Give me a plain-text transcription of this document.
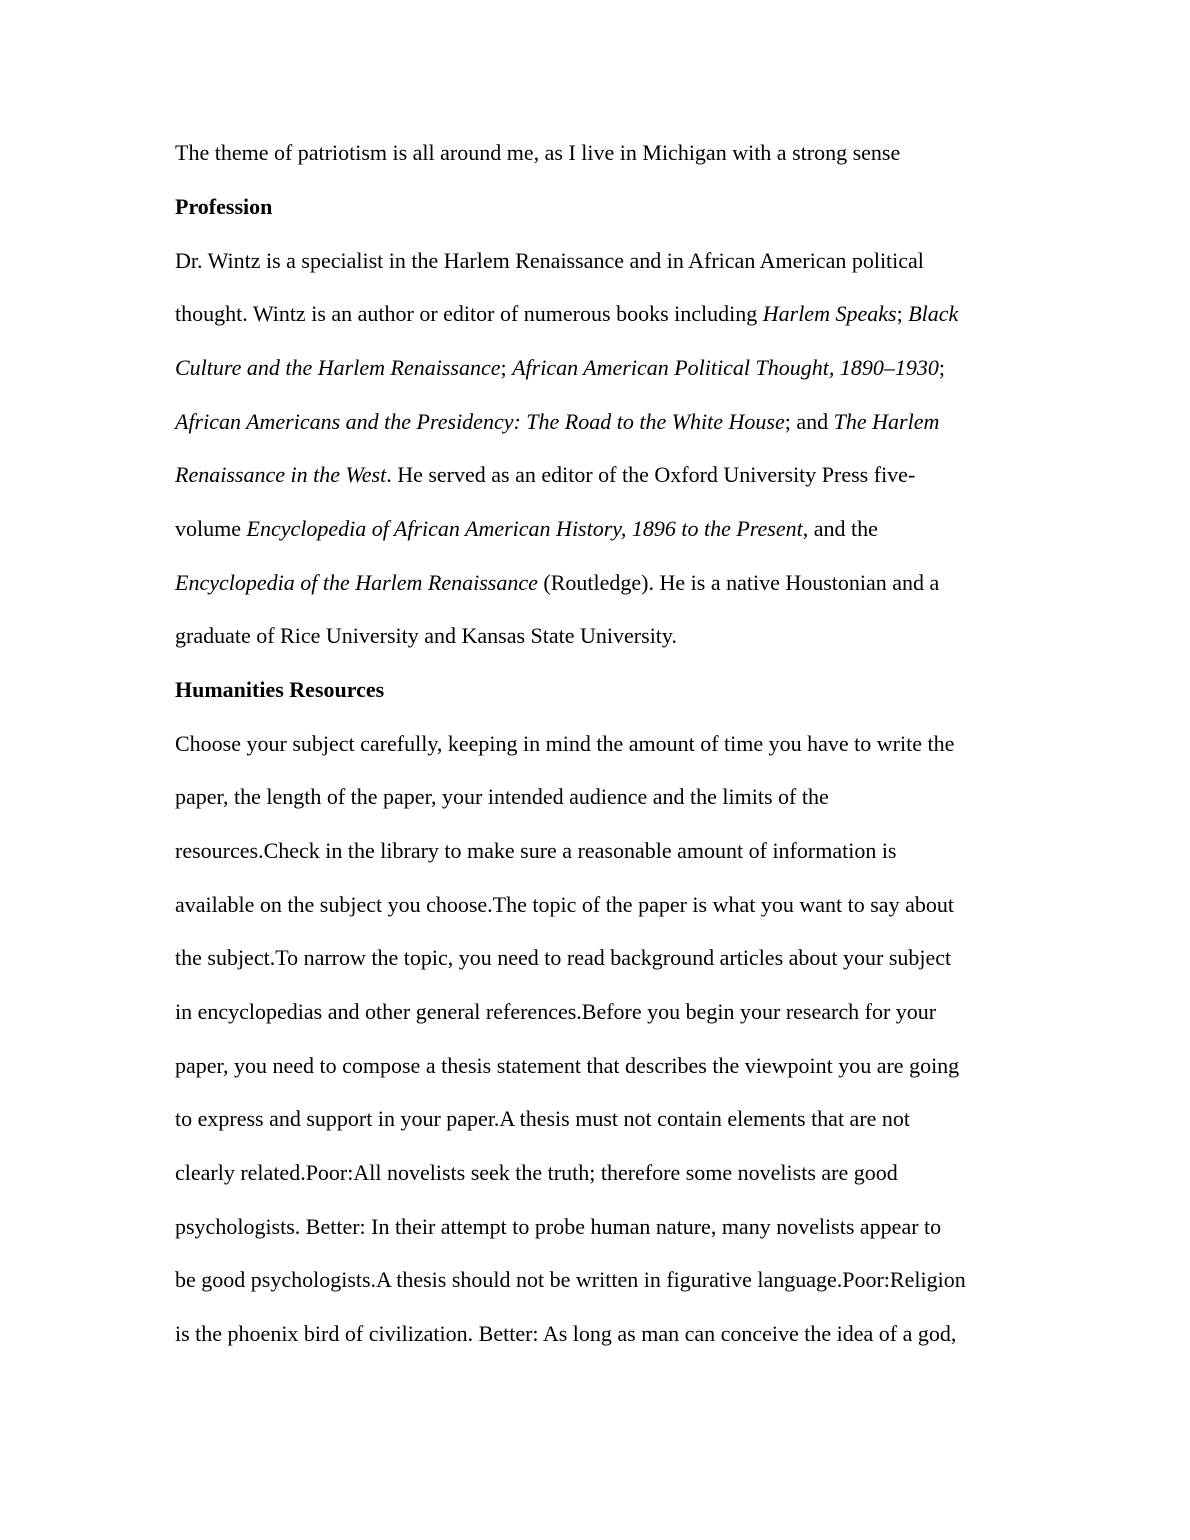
The theme of patriotism is all around me, as I live in Michigan with a strong sense
Profession
Dr. Wintz is a specialist in the Harlem Renaissance and in African American political
thought. Wintz is an author or editor of numerous books including Harlem Speaks; Black
Culture and the Harlem Renaissance; African American Political Thought, 1890–1930;
African Americans and the Presidency: The Road to the White House; and The Harlem
Renaissance in the West. He served as an editor of the Oxford University Press five-
volume Encyclopedia of African American History, 1896 to the Present, and the
Encyclopedia of the Harlem Renaissance (Routledge). He is a native Houstonian and a
graduate of Rice University and Kansas State University.
Humanities Resources
Choose your subject carefully, keeping in mind the amount of time you have to write the
paper, the length of the paper, your intended audience and the limits of the
resources.Check in the library to make sure a reasonable amount of information is
available on the subject you choose.The topic of the paper is what you want to say about
the subject.To narrow the topic, you need to read background articles about your subject
in encyclopedias and other general references.Before you begin your research for your
paper, you need to compose a thesis statement that describes the viewpoint you are going
to express and support in your paper.A thesis must not contain elements that are not
clearly related.Poor:All novelists seek the truth; therefore some novelists are good
psychologists. Better: In their attempt to probe human nature, many novelists appear to
be good psychologists.A thesis should not be written in figurative language.Poor:Religion
is the phoenix bird of civilization. Better: As long as man can conceive the idea of a god,
